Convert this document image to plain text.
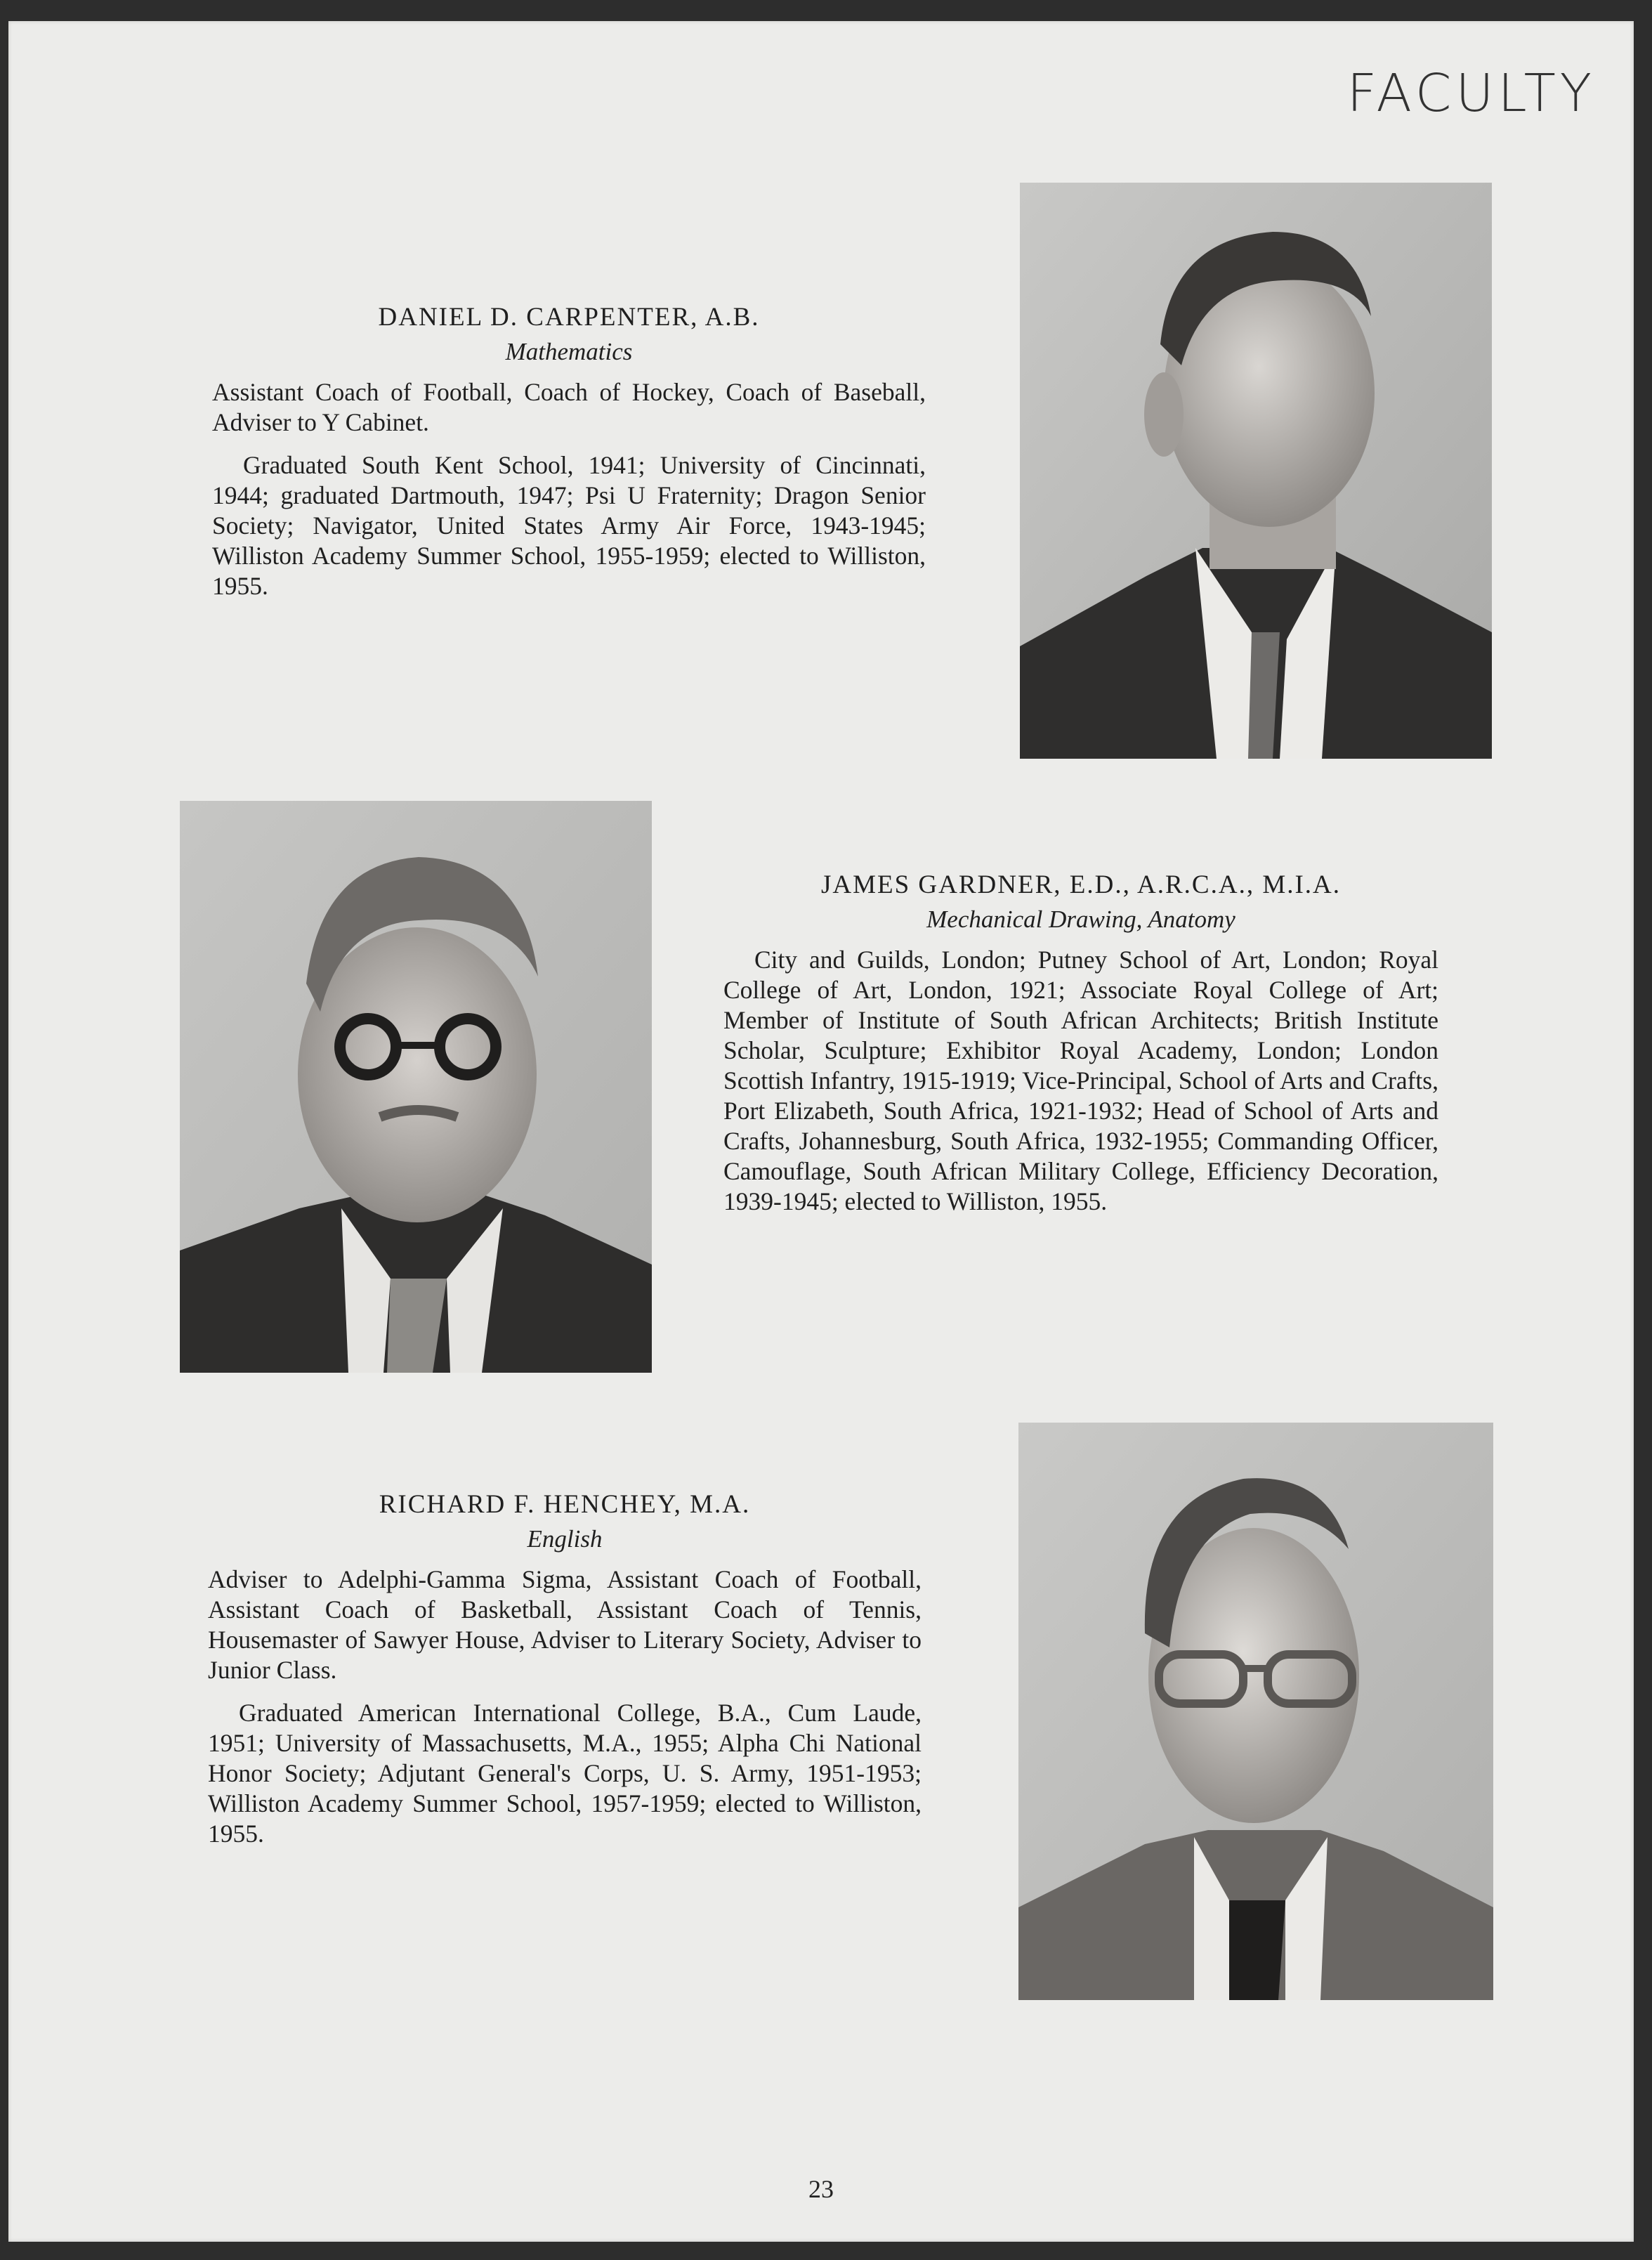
FACULTY
DANIEL D. CARPENTER, A.B.
Mathematics

Assistant Coach of Football, Coach of Hockey, Coach of Baseball, Adviser to Y Cabinet.

Graduated South Kent School, 1941; University of Cincinnati, 1944; graduated Dartmouth, 1947; Psi U Fraternity; Dragon Senior Society; Navigator, United States Army Air Force, 1943-1945; Williston Academy Summer School, 1955-1959; elected to Williston, 1955.

JAMES GARDNER, E.D., A.R.C.A., M.I.A.
Mechanical Drawing, Anatomy

City and Guilds, London; Putney School of Art, London; Royal College of Art, London, 1921; Associate Royal College of Art; Member of Institute of South African Architects; British Institute Scholar, Sculpture; Exhibitor Royal Academy, London; London Scottish Infantry, 1915-1919; Vice-Principal, School of Arts and Crafts, Port Elizabeth, South Africa, 1921-1932; Head of School of Arts and Crafts, Johannesburg, South Africa, 1932-1955; Commanding Officer, Camouflage, South African Military College, Efficiency Decoration, 1939-1945; elected to Williston, 1955.

RICHARD F. HENCHEY, M.A.
English

Adviser to Adelphi-Gamma Sigma, Assistant Coach of Football, Assistant Coach of Basketball, Assistant Coach of Tennis, Housemaster of Sawyer House, Adviser to Literary Society, Adviser to Junior Class.

Graduated American International College, B.A., Cum Laude, 1951; University of Massachusetts, M.A., 1955; Alpha Chi National Honor Society; Adjutant General's Corps, U. S. Army, 1951-1953; Williston Academy Summer School, 1957-1959; elected to Williston, 1955.

23
